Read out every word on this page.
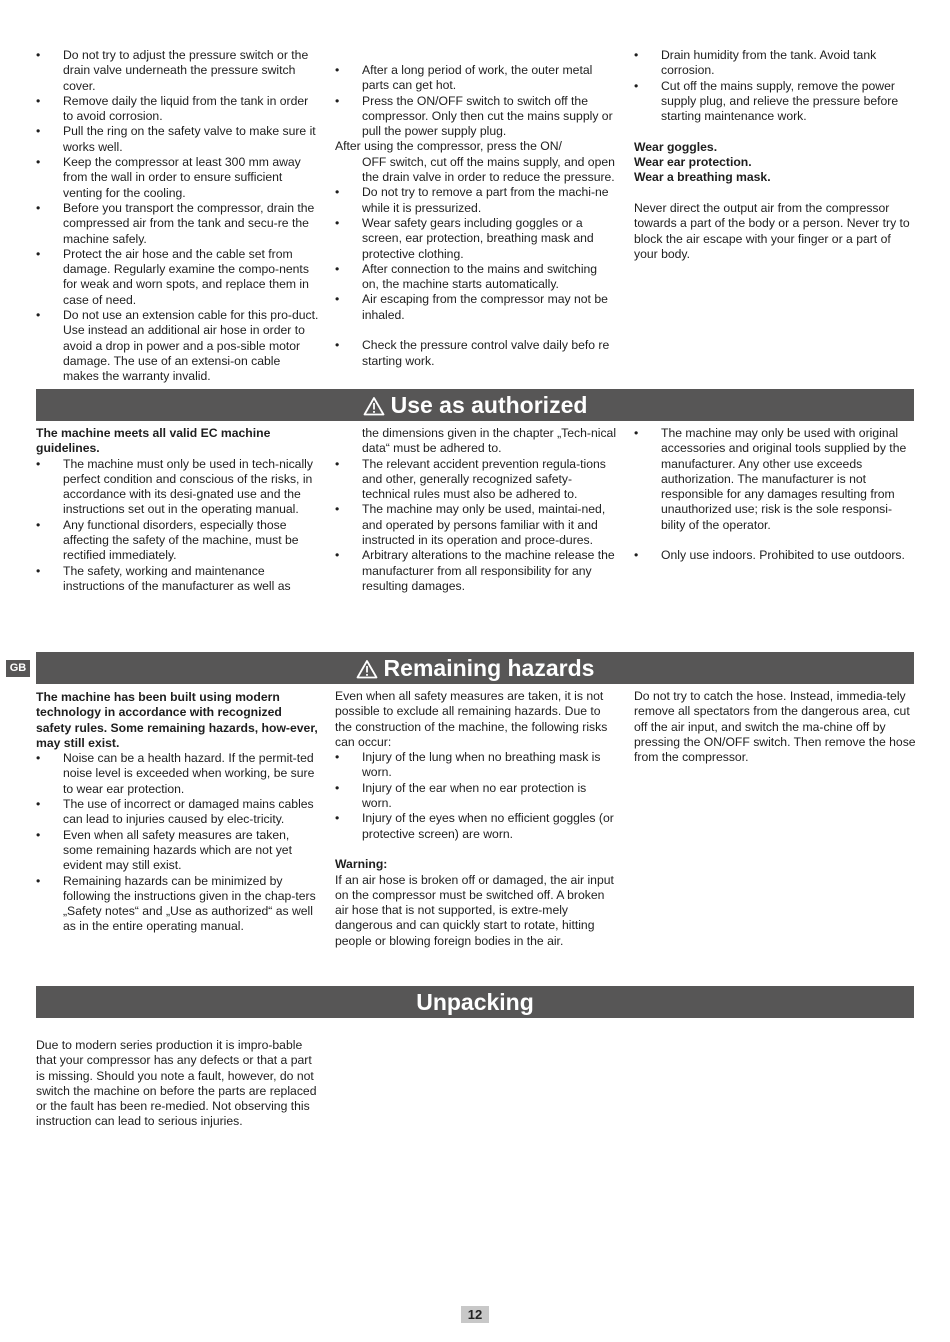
• Do not try to adjust the pressure switch or the drain valve underneath the pressure switch cover.
• Remove daily the liquid from the tank in order to avoid corrosion.
• Pull the ring on the safety valve to make sure it works well.
• Keep the compressor at least 300 mm away from the wall in order to ensure sufficient venting for the cooling.
• Before you transport the compressor, drain the compressed air from the tank and secu-re the machine safely.
• Protect the air hose and the cable set from damage. Regularly examine the compo-nents for weak and worn spots, and replace them in case of need.
• Do not use an extension cable for this pro-duct. Use instead an additional air hose in order to avoid a drop in power and a pos-sible motor damage. The use of an extensi-on cable makes the warranty invalid.
• After a long period of work, the outer metal parts can get hot.
• Press the ON/OFF switch to switch off the compressor. Only then cut the mains supply or pull the power supply plug.

After using the compressor, press the ON/

OFF switch, cut off the mains supply, and open the drain valve in order to reduce the pressure.

• Do not try to remove a part from the machi-ne while it is pressurized.
• Wear safety gears including goggles or a screen, ear protection, breathing mask and protective clothing.
• After connection to the mains and switching on, the machine starts automatically.
• Air escaping from the compressor may not be inhaled.
• Check the pressure control valve daily befo re starting work.
• Drain humidity from the tank. Avoid tank corrosion.
• Cut off the mains supply, remove the power supply plug, and relieve the pressure before starting maintenance work.

Wear goggles.

Wear ear protection.

Wear a breathing mask.

Never direct the output air from the compressor towards a part of the body or a person. Never try to block the air escape with your finger or a part of your body.

Use as authorized

The machine meets all valid EC machine guidelines.

• The machine must only be used in tech-nically perfect condition and conscious of the risks, in accordance with its desi-gnated use and the instructions set out in the operating manual.
• Any functional disorders, especially those affecting the safety of the machine, must be rectified immediately.
• The safety, working and maintenance instructions of the manufacturer as well as

the dimensions given in the chapter „Tech-nical data“ must be adhered to.

• The relevant accident prevention regula-tions and other, generally recognized safety-technical rules must also be adhered to.
• The machine may only be used, maintai-ned, and operated by persons familiar with it and instructed in its operation and proce-dures.
• Arbitrary alterations to the machine release the manufacturer from all responsibility for any resulting damages.
• The machine may only be used with original accessories and original tools supplied by the manufacturer. Any other use exceeds authorization. The manufacturer is not responsible for any damages resulting from unauthorized use; risk is the sole responsi-bility of the operator.
• Only use indoors. Prohibited to use outdoors.
GB	Remaining hazards

The machine has been built using modern technology in accordance with recognized safety rules. Some remaining hazards, how-ever, may still exist.

• Noise can be a health hazard. If the permit-ted noise level is exceeded when working, be sure to wear ear protection.
• The use of incorrect or damaged mains cables can lead to injuries caused by elec-tricity.
• Even when all safety measures are taken, some remaining hazards which are not yet evident may still exist.
• Remaining hazards can be minimized by following the instructions given in the chap-ters „Safety notes“ and „Use as authorized“ as well as in the entire operating manual.

Even when all safety measures are taken, it is not possible to exclude all remaining hazards. Due to the construction of the machine, the following risks can occur:

• Injury of the lung when no breathing mask is worn.
• Injury of the ear when no ear protection is worn.
• Injury of the eyes when no efficient goggles (or protective screen) are worn.

Warning:

If an air hose is broken off or damaged, the air input on the compressor must be switched off. A broken air hose that is not supported, is extre-mely dangerous and can quickly start to rotate, hitting people or blowing foreign bodies in the air.

Do not try to catch the hose. Instead, immedia-tely remove all spectators from the dangerous area, cut off the air input, and switch the ma-chine off by pressing the ON/OFF switch. Then remove the hose from the compressor.

Unpacking

Due to modern series production it is impro-bable that your compressor has any defects or that a part is missing. Should you note a fault, however, do not switch the machine on before the parts are replaced or the fault has been re-medied. Not observing this instruction can lead to serious injuries.

12
